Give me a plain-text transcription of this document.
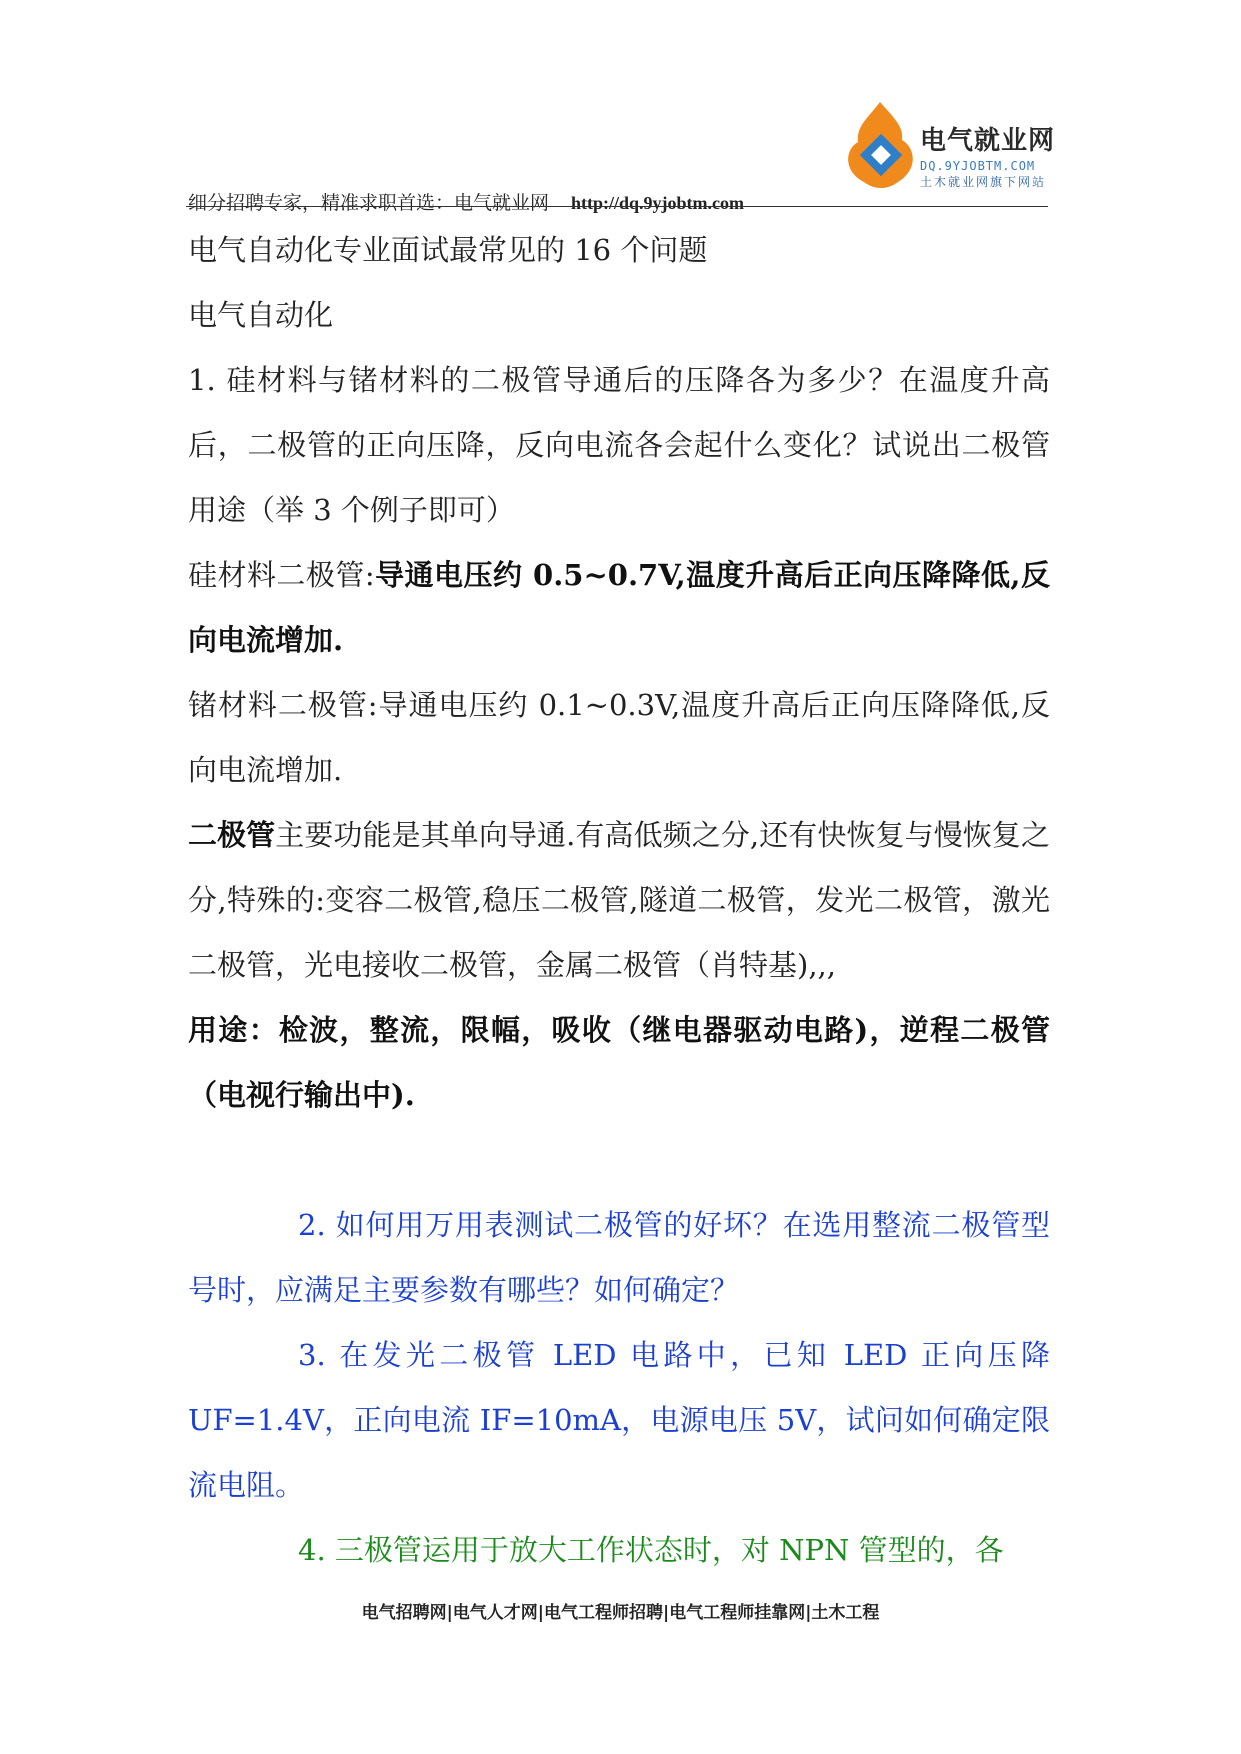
电气就业网
DQ.9YJOBTM.COM
土木就业网旗下网站
细分招聘专家，精准求职首选：电气就业网 http://dq.9yjobtm.com

电气自动化专业面试最常见的 16 个问题

电气自动化

1. 硅材料与锗材料的二极管导通后的压降各为多少？在温度升高后，二极管的正向压降，反向电流各会起什么变化？试说出二极管用途（举 3 个例子即可）

硅材料二极管:导通电压约 0.5~0.7V,温度升高后正向压降降低,反向电流增加.

锗材料二极管:导通电压约 0.1~0.3V,温度升高后正向压降降低,反向电流增加.

二极管主要功能是其单向导通.有高低频之分,还有快恢复与慢恢复之分,特殊的:变容二极管,稳压二极管,隧道二极管，发光二极管，激光二极管，光电接收二极管，金属二极管（肖特基),,,

用途：检波，整流，限幅，吸收（继电器驱动电路)，逆程二极管（电视行输出中).

2. 如何用万用表测试二极管的好坏？在选用整流二极管型号时，应满足主要参数有哪些？如何确定？

3. 在发光二极管 LED 电路中，已知 LED 正向压降 UF=1.4V，正向电流 IF=10mA，电源电压 5V，试问如何确定限流电阻。

4. 三极管运用于放大工作状态时，对 NPN 管型的，各

电气招聘网|电气人才网|电气工程师招聘|电气工程师挂靠网|土木工程
